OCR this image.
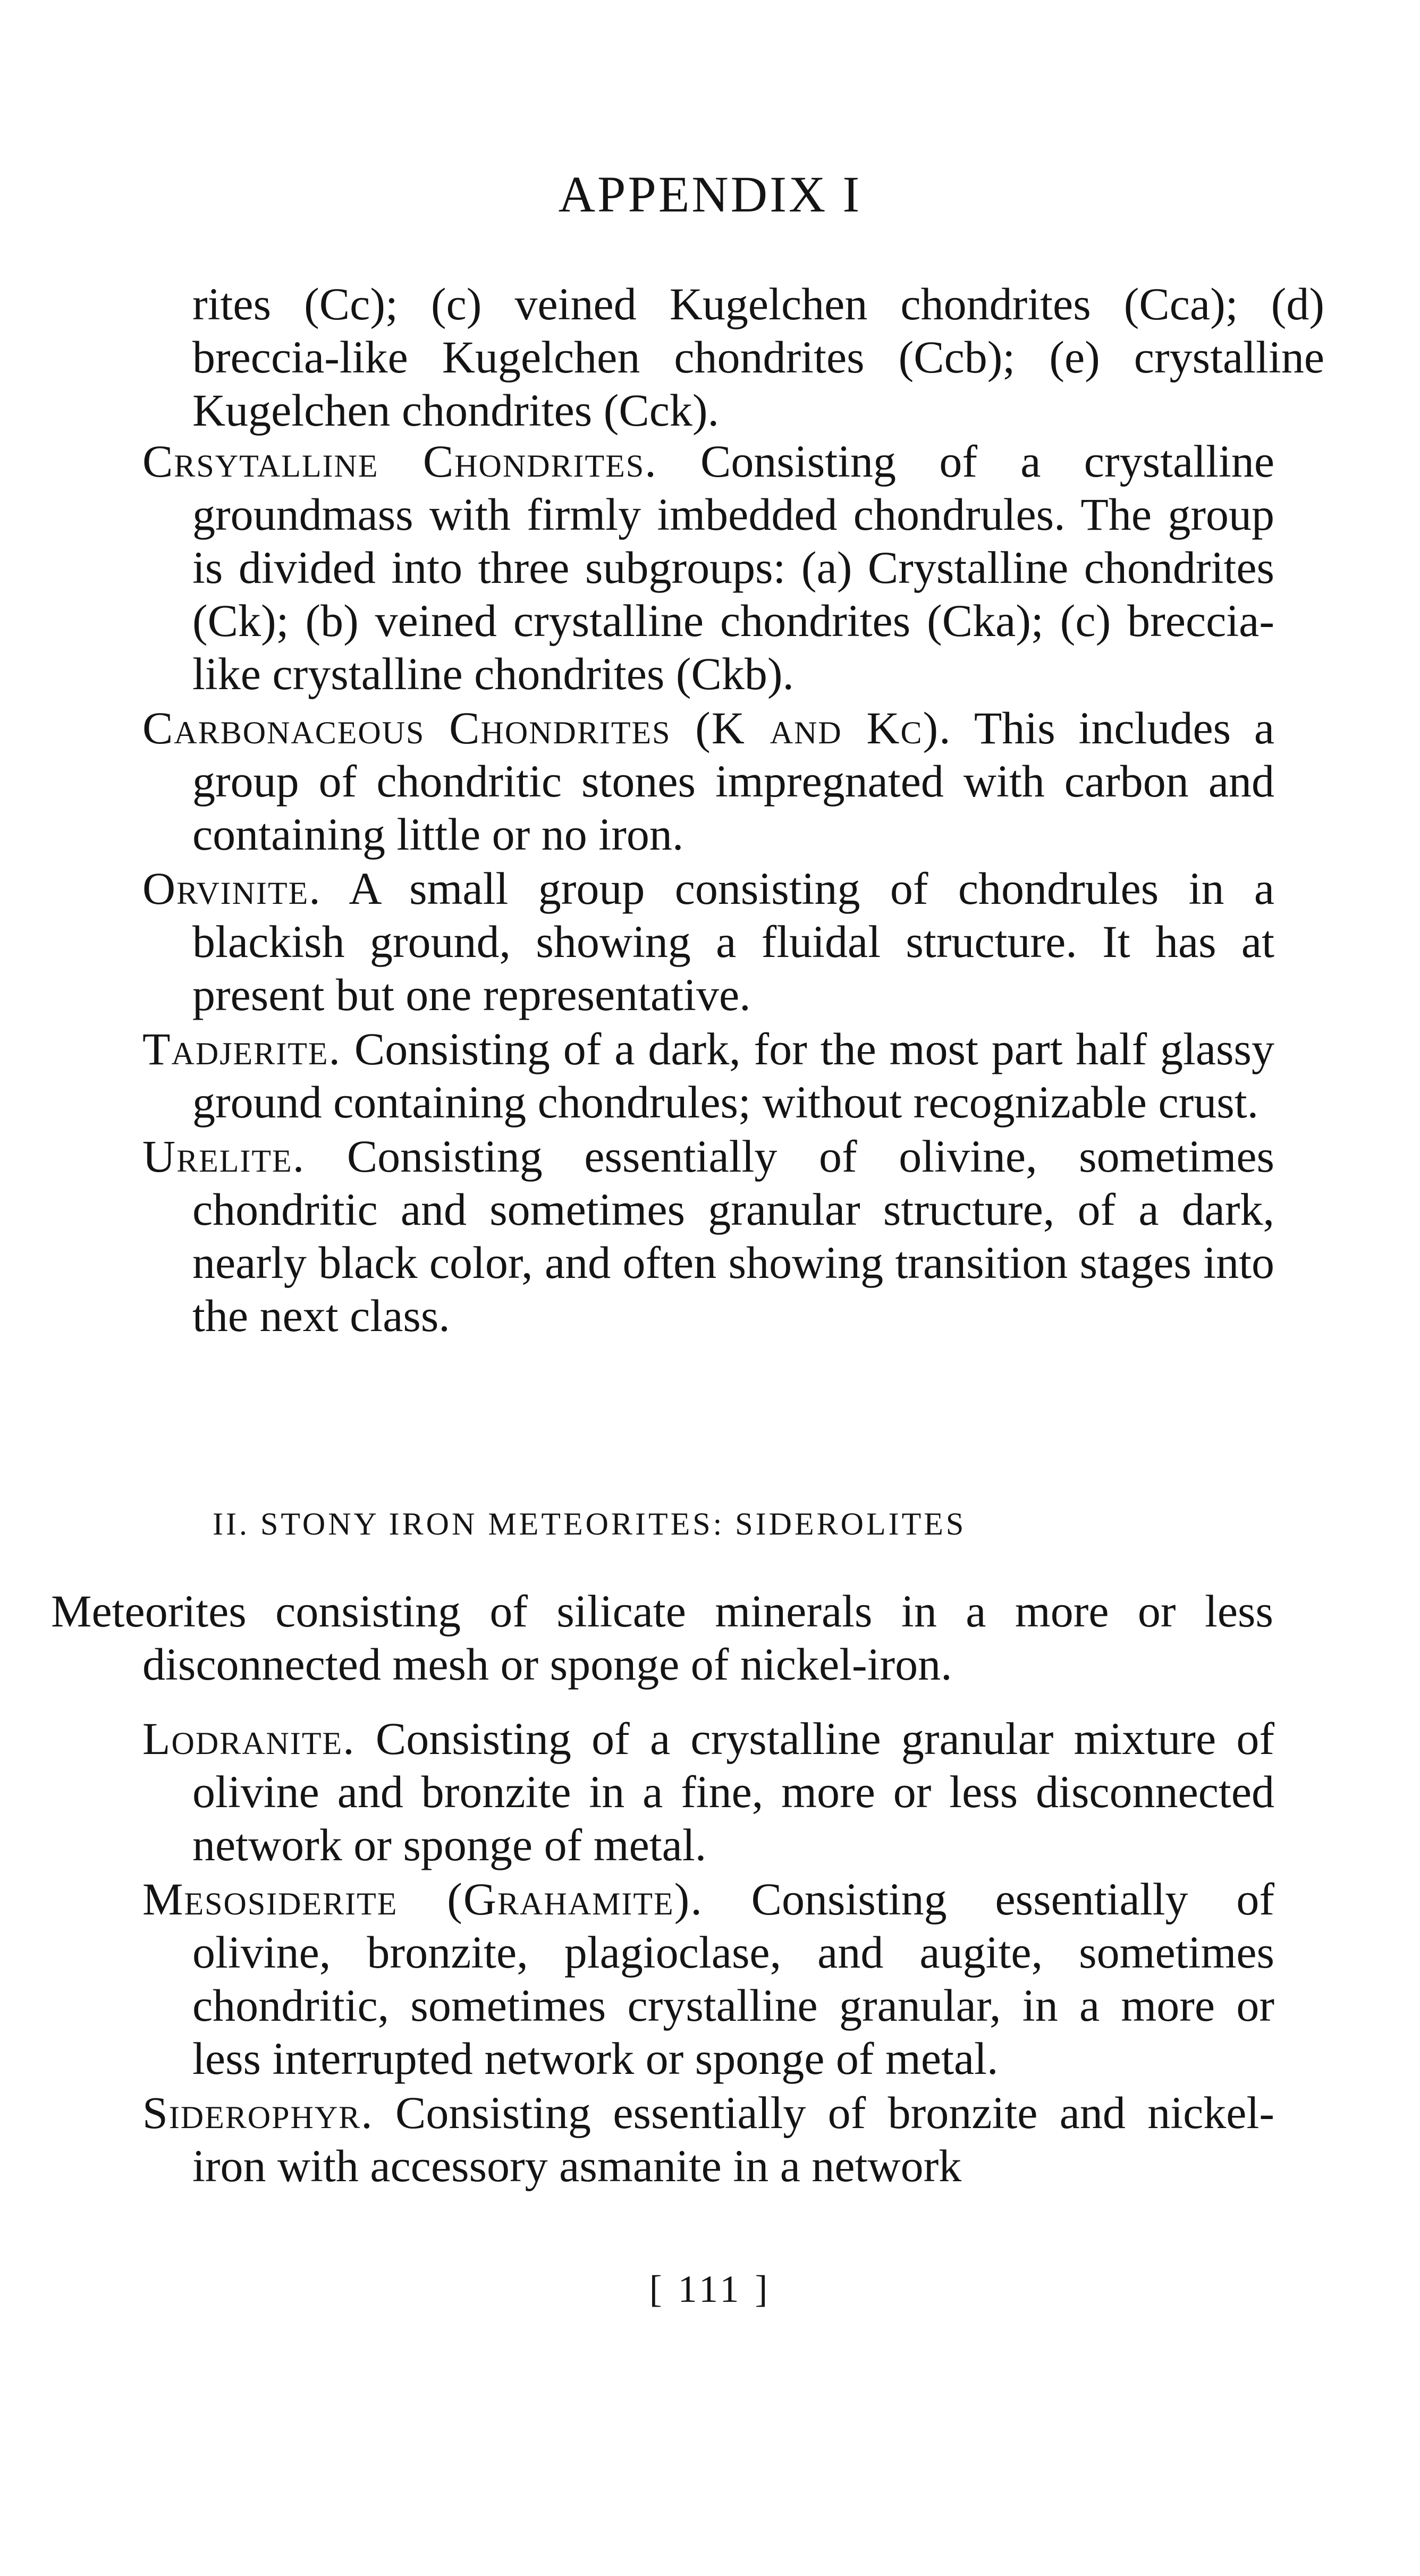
APPENDIX I

rites (Cc); (c) veined Kugelchen chondrites (Cca); (d) breccia-like Kugelchen chondrites (Ccb); (e) crystalline Kugelchen chondrites (Cck).

Crsytalline Chondrites. Consisting of a crystalline groundmass with firmly imbedded chondrules. The group is divided into three subgroups: (a) Crystalline chondrites (Ck); (b) veined crystalline chondrites (Cka); (c) breccia-like crystalline chondrites (Ckb).

Carbonaceous Chondrites (K and Kc). This includes a group of chondritic stones impregnated with carbon and containing little or no iron.

Orvinite. A small group consisting of chondrules in a blackish ground, showing a fluidal structure. It has at present but one representative.

Tadjerite. Consisting of a dark, for the most part half glassy ground containing chondrules; without recognizable crust.

Urelite. Consisting essentially of olivine, sometimes chondritic and sometimes granular structure, of a dark, nearly black color, and often showing transition stages into the next class.

II. STONY IRON METEORITES: SIDEROLITES

Meteorites consisting of silicate minerals in a more or less disconnected mesh or sponge of nickel-iron.

Lodranite. Consisting of a crystalline granular mixture of olivine and bronzite in a fine, more or less disconnected network or sponge of metal.

Mesosiderite (Grahamite). Consisting essentially of olivine, bronzite, plagioclase, and augite, sometimes chondritic, sometimes crystalline granular, in a more or less interrupted network or sponge of metal.

Siderophyr. Consisting essentially of bronzite and nickel-iron with accessory asmanite in a network

[ 111 ]
